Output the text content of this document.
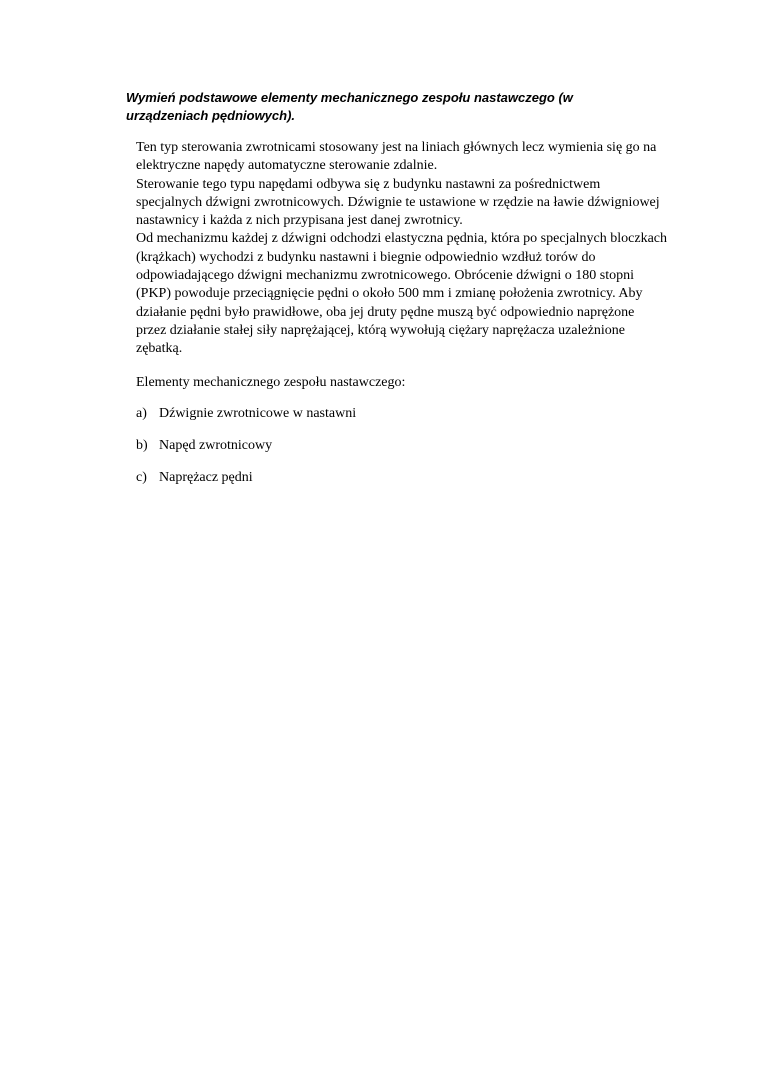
Wymień podstawowe elementy mechanicznego zespołu nastawczego (w urządzeniach pędniowych).

Ten typ sterowania zwrotnicami stosowany jest na liniach głównych lecz wymienia się go na

elektryczne napędy automatyczne sterowanie zdalnie.

Sterowanie tego typu napędami odbywa się z budynku nastawni za pośrednictwem

specjalnych dźwigni zwrotnicowych. Dźwignie te ustawione w rzędzie na ławie dźwigniowej

nastawnicy i każda z nich przypisana jest danej zwrotnicy.

Od mechanizmu każdej z dźwigni odchodzi elastyczna pędnia, która po specjalnych bloczkach

(krążkach) wychodzi z budynku nastawni i biegnie odpowiednio wzdłuż torów do

odpowiadającego dźwigni mechanizmu zwrotnicowego. Obrócenie dźwigni o 180 stopni

(PKP) powoduje przeciągnięcie pędni o około 500 mm i zmianę położenia zwrotnicy. Aby

działanie pędni było prawidłowe, oba jej druty pędne muszą być odpowiednio naprężone

przez działanie stałej siły naprężającej, którą wywołują ciężary naprężacza uzależnione

zębatką.

Elementy mechanicznego zespołu nastawczego:

a) Dźwignie zwrotnicowe w nastawni
b) Napęd zwrotnicowy
c) Naprężacz pędni
